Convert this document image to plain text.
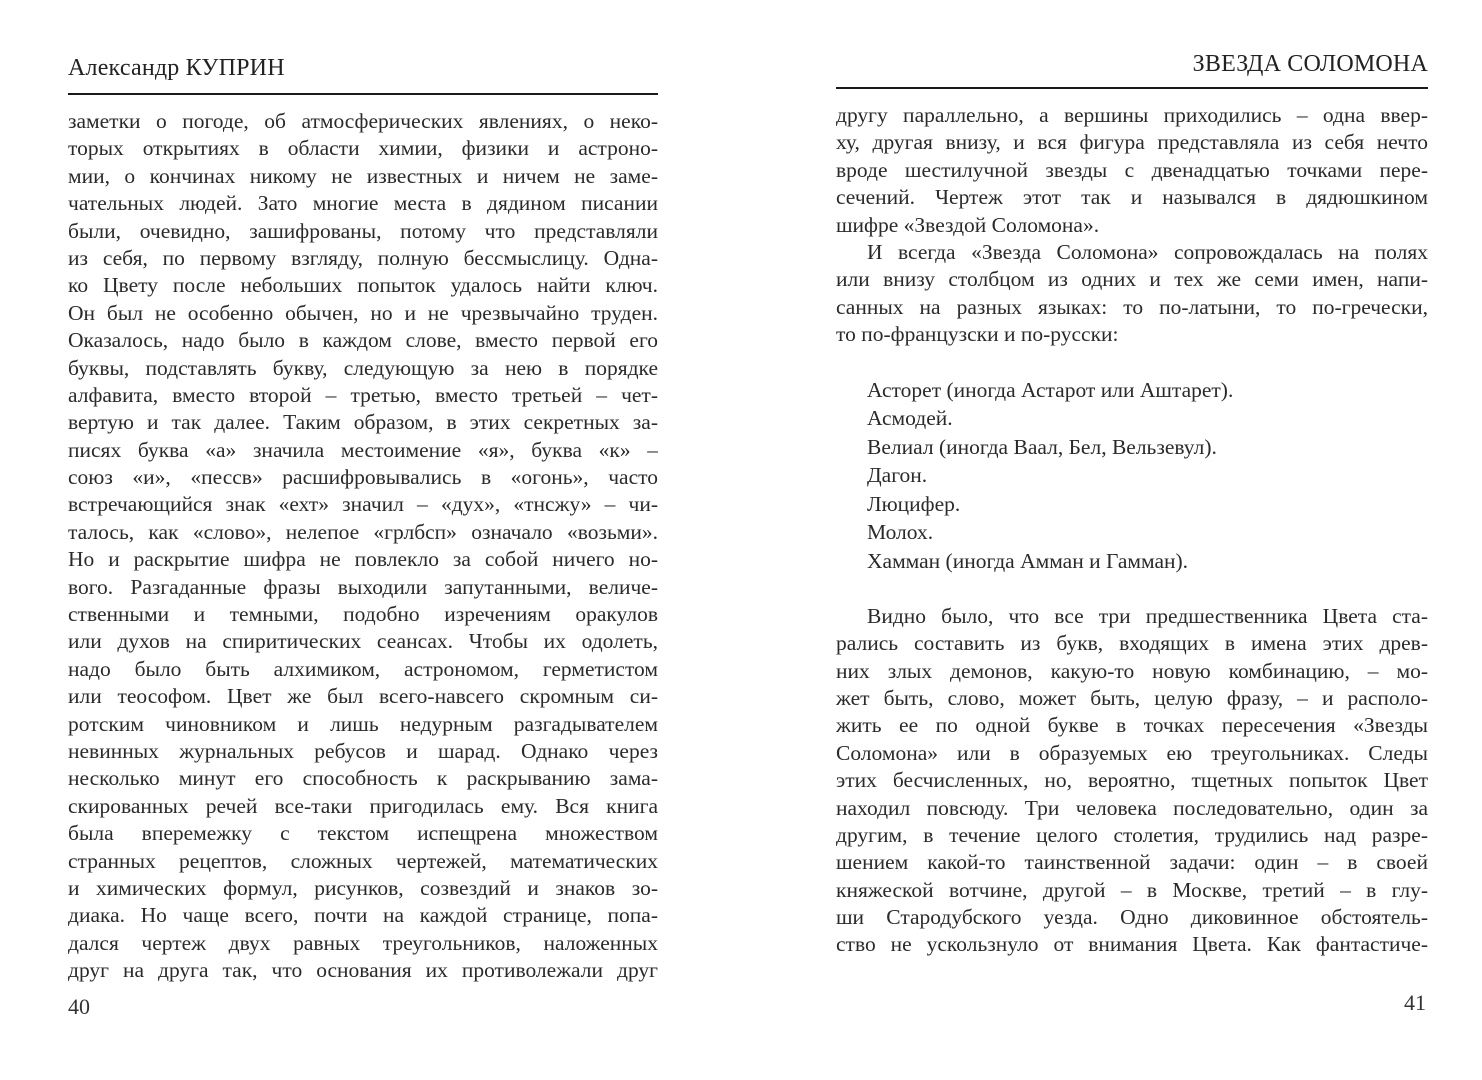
Александр КУПРИН
заметки о погоде, об атмосферических явлениях, о неко-
торых открытиях в области химии, физики и астроно-
мии, о кончинах никому не известных и ничем не заме-
чательных людей. Зато многие места в дядином писании
были, очевидно, зашифрованы, потому что представляли
из себя, по первому взгляду, полную бессмыслицу. Одна-
ко Цвету после небольших попыток удалось найти ключ.
Он был не особенно обычен, но и не чрезвычайно труден.
Оказалось, надо было в каждом слове, вместо первой его
буквы, подставлять букву, следующую за нею в порядке
алфавита, вместо второй – третью, вместо третьей – чет-
вертую и так далее. Таким образом, в этих секретных за-
писях буква «а» значила местоимение «я», буква «к» –
союз «и», «пессв» расшифровывались в «огонь», часто
встречающийся знак «ехт» значил – «дух», «тнсжу» – чи-
талось, как «слово», нелепое «грлбсп» означало «возьми».
Но и раскрытие шифра не повлекло за собой ничего но-
вого. Разгаданные фразы выходили запутанными, величе-
ственными и темными, подобно изречениям оракулов
или духов на спиритических сеансах. Чтобы их одолеть,
надо было быть алхимиком, астрономом, герметистом
или теософом. Цвет же был всего-навсего скромным си-
ротским чиновником и лишь недурным разгадывателем
невинных журнальных ребусов и шарад. Однако через
несколько минут его способность к раскрыванию зама-
скированных речей все-таки пригодилась ему. Вся книга
была вперемежку с текстом испещрена множеством
странных рецептов, сложных чертежей, математических
и химических формул, рисунков, созвездий и знаков зо-
диака. Но чаще всего, почти на каждой странице, попа-
дался чертеж двух равных треугольников, наложенных
друг на друга так, что основания их противолежали друг
40
ЗВЕЗДА СОЛОМОНА
другу параллельно, а вершины приходились – одна ввер-
ху, другая внизу, и вся фигура представляла из себя нечто
вроде шестилучной звезды с двенадцатью точками пере-
сечений. Чертеж этот так и назывался в дядюшкином
шифре «Звездой Соломона».
И всегда «Звезда Соломона» сопровождалась на полях
или внизу столбцом из одних и тех же семи имен, напи-
санных на разных языках: то по-латыни, то по-гречески,
то по-французски и по-русски:
Асторет (иногда Астарот или Аштарет).
Асмодей.
Велиал (иногда Ваал, Бел, Вельзевул).
Дагон.
Люцифер.
Молох.
Хамман (иногда Амман и Гамман).
Видно было, что все три предшественника Цвета ста-
рались составить из букв, входящих в имена этих древ-
них злых демонов, какую-то новую комбинацию, – мо-
жет быть, слово, может быть, целую фразу, – и располо-
жить ее по одной букве в точках пересечения «Звезды
Соломона» или в образуемых ею треугольниках. Следы
этих бесчисленных, но, вероятно, тщетных попыток Цвет
находил повсюду. Три человека последовательно, один за
другим, в течение целого столетия, трудились над разре-
шением какой-то таинственной задачи: один – в своей
княжеской вотчине, другой – в Москве, третий – в глу-
ши Стародубского уезда. Одно диковинное обстоятель-
ство не ускользнуло от внимания Цвета. Как фантастиче-
41
